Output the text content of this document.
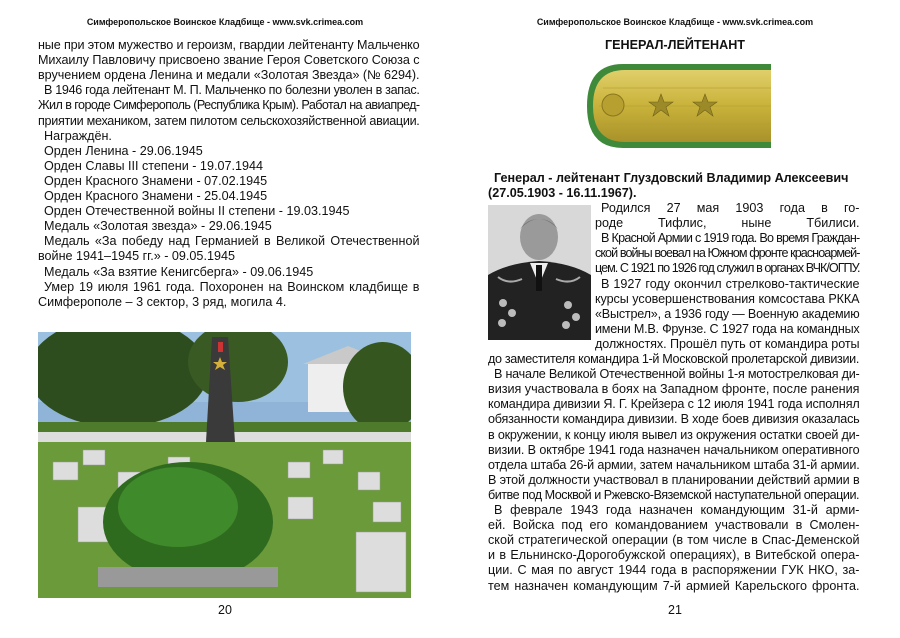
Симферопольское Воинское Кладбище - www.svk.crimea.com	Симферопольское Воинское Кладбище - www.svk.crimea.com
ГЕНЕРАЛ-ЛЕЙТЕНАНТ
ные при этом мужество и героизм, гвардии лейтенанту Мальченко
Михаилу Павловичу присвоено звание Героя Советского Союза с
вручением ордена Ленина и медали «Золотая Звезда» (№ 6294).
В 1946 года лейтенант М. П. Мальченко по болезни уволен в запас.
Жил в городе Симферополь (Республика Крым). Работал на авиапред-
приятии механиком, затем пилотом сельскохозяйственной авиации.
Награждён.
Орден Ленина - 29.06.1945
Орден Славы III степени - 19.07.1944
Орден Красного Знамени - 07.02.1945
Орден Красного Знамени - 25.04.1945
Орден Отечественной войны II степени - 19.03.1945
Медаль «Золотая звезда» - 29.06.1945
Медаль «За победу над Германией в Великой Отечественной
войне 1941–1945 гг.» - 09.05.1945
Медаль «За взятие Кенигсберга» - 09.06.1945
Умер 19 июля 1961 года. Похоронен на Воинском кладбище в
Симферополе – 3 сектор, 3 ряд, могила 4.
Генерал - лейтенант Глуздовский Владимир Алексеевич
(27.05.1903 - 16.11.1967).
Родился 27 мая 1903 года в го-
роде Тифлис, ныне Тбилиси.
В Красной Армии с 1919 года. Во время Граждан-
ской войны воевал на Южном фронте красноармей-
цем. С 1921 по 1926 год служил в органах ВЧК/ОГПУ.
В 1927 году окончил стрелково-тактические
курсы усовершенствования комсостава РККА
«Выстрел», а 1936 году — Военную академию
имени М.В. Фрунзе. С 1927 года на командных
должностях. Прошёл путь от командира роты
до заместителя командира 1-й Московской пролетарской дивизии.
В начале Великой Отечественной войны 1-я мотострелковая ди-
визия участвовала в боях на Западном фронте, после ранения
командира дивизии Я. Г. Крейзера с 12 июля 1941 года исполнял
обязанности командира дивизии. В ходе боев дивизия оказалась
в окружении, к концу июля вывел из окружения остатки своей ди-
визии. В октябре 1941 года назначен начальником оперативного
отдела штаба 26-й армии, затем начальником штаба 31-й армии.
В этой должности участвовал в планировании действий армии в
битве под Москвой и Ржевско-Вяземской наступательной операции.
В феврале 1943 года назначен командующим 31-й арми-
ей. Войска под его командованием участвовали в Смолен-
ской стратегической операции (в том числе в Спас-Деменской
и в Ельнинско-Дорогобужской операциях), в Витебской опера-
ции. С мая по август 1944 года в распоряжении ГУК НКО, за-
тем назначен командующим 7-й армией Карельского фронта.
20	21
